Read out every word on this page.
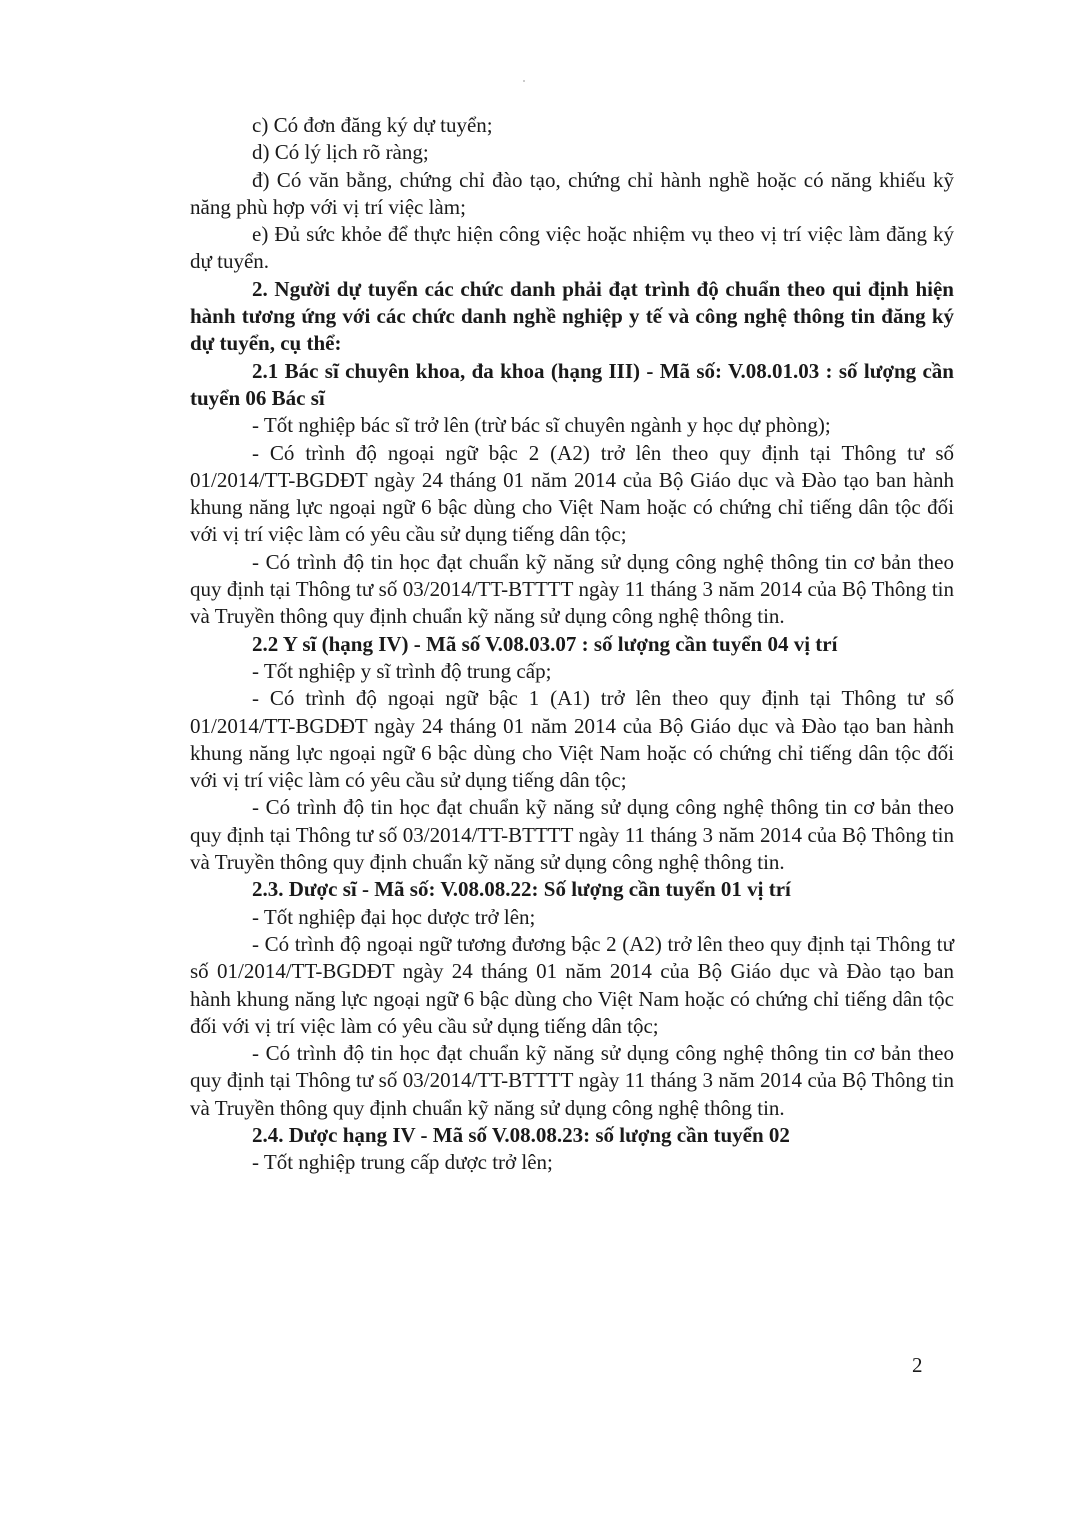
c) Có đơn đăng ký dự tuyển;

d) Có lý lịch rõ ràng;

đ) Có văn bằng, chứng chỉ đào tạo, chứng chỉ hành nghề hoặc có năng khiếu kỹ năng phù hợp với vị trí việc làm;

e) Đủ sức khỏe để thực hiện công việc hoặc nhiệm vụ theo vị trí việc làm đăng ký dự tuyển.

2. Người dự tuyển các chức danh phải đạt trình độ chuẩn theo qui định hiện hành tương ứng với các chức danh nghề nghiệp y tế và công nghệ thông tin đăng ký dự tuyển, cụ thể:

2.1 Bác sĩ chuyên khoa, đa khoa (hạng III) - Mã số: V.08.01.03 : số lượng cần tuyển 06 Bác sĩ

- Tốt nghiệp bác sĩ trở lên (trừ bác sĩ chuyên ngành y học dự phòng);

- Có trình độ ngoại ngữ bậc 2 (A2) trở lên theo quy định tại Thông tư số 01/2014/TT-BGDĐT ngày 24 tháng 01 năm 2014 của Bộ Giáo dục và Đào tạo ban hành khung năng lực ngoại ngữ 6 bậc dùng cho Việt Nam hoặc có chứng chỉ tiếng dân tộc đối với vị trí việc làm có yêu cầu sử dụng tiếng dân tộc;

- Có trình độ tin học đạt chuẩn kỹ năng sử dụng công nghệ thông tin cơ bản theo quy định tại Thông tư số 03/2014/TT-BTTTT ngày 11 tháng 3 năm 2014 của Bộ Thông tin và Truyền thông quy định chuẩn kỹ năng sử dụng công nghệ thông tin.

2.2 Y sĩ (hạng IV) - Mã số V.08.03.07 : số lượng cần tuyển 04 vị trí

- Tốt nghiệp y sĩ trình độ trung cấp;

- Có trình độ ngoại ngữ bậc 1 (A1) trở lên theo quy định tại Thông tư số 01/2014/TT-BGDĐT ngày 24 tháng 01 năm 2014 của Bộ Giáo dục và Đào tạo ban hành khung năng lực ngoại ngữ 6 bậc dùng cho Việt Nam hoặc có chứng chỉ tiếng dân tộc đối với vị trí việc làm có yêu cầu sử dụng tiếng dân tộc;

- Có trình độ tin học đạt chuẩn kỹ năng sử dụng công nghệ thông tin cơ bản theo quy định tại Thông tư số 03/2014/TT-BTTTT ngày 11 tháng 3 năm 2014 của Bộ Thông tin và Truyền thông quy định chuẩn kỹ năng sử dụng công nghệ thông tin.

2.3. Dược sĩ - Mã số: V.08.08.22: Số lượng cần tuyển 01 vị trí

- Tốt nghiệp đại học dược trở lên;

- Có trình độ ngoại ngữ tương đương bậc 2 (A2) trở lên theo quy định tại Thông tư số 01/2014/TT-BGDĐT ngày 24 tháng 01 năm 2014 của Bộ Giáo dục và Đào tạo ban hành khung năng lực ngoại ngữ 6 bậc dùng cho Việt Nam hoặc có chứng chỉ tiếng dân tộc đối với vị trí việc làm có yêu cầu sử dụng tiếng dân tộc;

- Có trình độ tin học đạt chuẩn kỹ năng sử dụng công nghệ thông tin cơ bản theo quy định tại Thông tư số 03/2014/TT-BTTTT ngày 11 tháng 3 năm 2014 của Bộ Thông tin và Truyền thông quy định chuẩn kỹ năng sử dụng công nghệ thông tin.

2.4. Dược hạng IV - Mã số V.08.08.23: số lượng cần tuyển 02

- Tốt nghiệp trung cấp dược trở lên;

2
